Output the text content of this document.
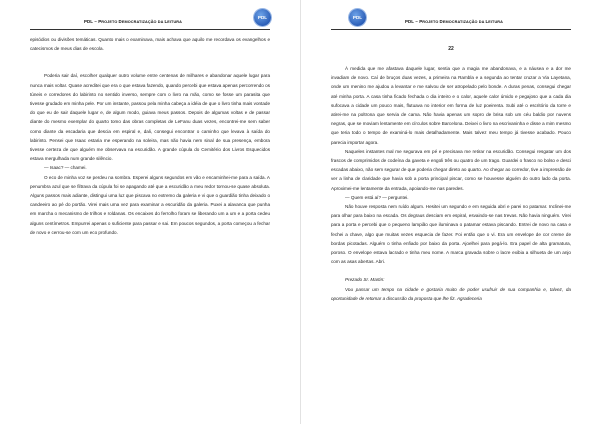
PDL – PROJETO DEMOCRATIZAÇÃO DA LEITURA
PDL

episódios ou divisões temáticas. Quanto mais o examinava, mais achava que aquilo me recordava os evangelhos e catecismos de meus dias de escola.

Poderia sair daí, escolher qualquer outro volume entre centenas de milhares e abandonar aquele lugar para nunca mais voltar. Quase acreditei que era o que estava fazendo, quando percebi que estava apenas percorrendo os túneis e corredores do labirinto no sentido inverso, sempre com o livro na mão, como se fosse um parasita que tivesse grudado em minha pele. Por um instante, passou pela minha cabeça a idéia de que o livro tinha mais vontade do que eu de sair daquele lugar e, de algum modo, guiava meus passos. Depois de algumas voltas e de passar diante do mesmo exemplar do quarto tomo das obras completas de LeFanu duas vezes, encontrei-me sem saber como diante da escadaria que descia em espiral e, dali, consegui encontrar o caminho que levava à saída do labirinto. Pensei que Isaac estaria me esperando na soleira, mas não havia nem sinal de sua presença, embora tivesse certeza de que alguém me observava na escuridão. A grande cúpula do Cemitério dos Livros Esquecidos estava mergulhada num grande silêncio.

— Isaac? — chamei.

O eco de minha voz se perdeu na sombra. Esperei alguns segundos em vão e encaminhei-me para a saída. A penumbra azul que se filtrava da cúpula foi se apagando até que a escuridão a meu redor tornou-se quase absoluta. Alguns passos mais adiante, distingui uma luz que piscava no extremo da galeria e vi que o guardião tinha deixado o candeeiro ao pé do portão. Virei mais uma vez para examinar a escuridão da galeria. Puxei a alavanca que punha em marcha o mecanismo de trilhos e roldanas. Os encaixes do ferrolho foram se liberando um a um e a porta cedeu alguns centímetros. Empurrei apenas o suficiente para passar e sai. Em poucos segundos, a porta começou a fechar de novo e cerrou-se com um eco profundo.

PDL
PDL – PROJETO DEMOCRATIZAÇÃO DA LEITURA
22

À medida que me afastava daquele lugar, sentia que a magia me abandonava, e a náusea e a dor me invadiam de novo. Caí de bruços duas vezes, a primeira na Rambla e a segunda ao tentar cruzar a Via Layetana, onde um menino me ajudou a levantar e me salvou de ser atropelado pelo bonde. A duras penas, consegui chegar até minha porta. A casa tinha ficado fechada o dia inteiro e o calor, aquele calor úmido e pegajoso que a cada dia sufocava a cidade um pouco mais, flutuava no interior em forma de luz poeirenta. Subi até o escritório da torre e atirei-me na poltrona que servia de cama. Não havia apenas um sopro de brisa sob um céu baldio por nuvens negras, que se moviam lentamente em círculos sobre Barcelona. Deixei o livro na escrivaninha e disse a mim mesmo que teria todo o tempo de examiná-lo mais detalhadamente. Mais talvez meu tempo já tivesse acabado. Pouco parecia importar agora.

Naqueles instantes mal me segurava em pé e precisava me retirar na escuridão. Consegui resgatar um dos frascos de comprimidos de codeína da gaveta e engoli três ou quatro de um trago. Guardei o frasco no bolso e desci escadas abaixo, não sem segurar de que poderia chegar direto ao quarto. Ao chegar ao corredor, tive a impressão de ver a linha de claridade que havia sob a porta principal piscar, como se houvesse alguém do outro lado da porta. Aproximei-me lentamente da entrada, apoiando-me nas paredes.

— Quem está aí? — perguntei.

Não houve resposta nem ruído algum. Hesitei um segundo e em seguida abri e parei no patamar. Inclinei-me para olhar para baixo na escada. Os degraus desciam em espiral, esvaindo-se nas trevas. Não havia ninguém. Virei para a porta e percebi que o pequeno lampião que iluminava o patamar estava piscando. Entrei de novo na casa e fechei a chave, algo que muitas vezes esquecia de fazer. Foi então que o vi. Era um envelope de cor creme de bordas picotadas. Alguém o tinha enfiado por baixo da porta. Ajoelhei para pegá-lo. Era papel de alta gramatura, poroso. O envelope estava lacrado e tinha meu nome. A marca gravada sobre o lacre exibia a silhueta de um anjo com as asas abertas. Abri.

Prezado Sr. Martin:

Vou passar um tempo na cidade e gostaria muito de poder usufruir de sua companhia e, talvez, da oportunidade de retomar a discussão da proposta que lhe fiz. Agradeceria
